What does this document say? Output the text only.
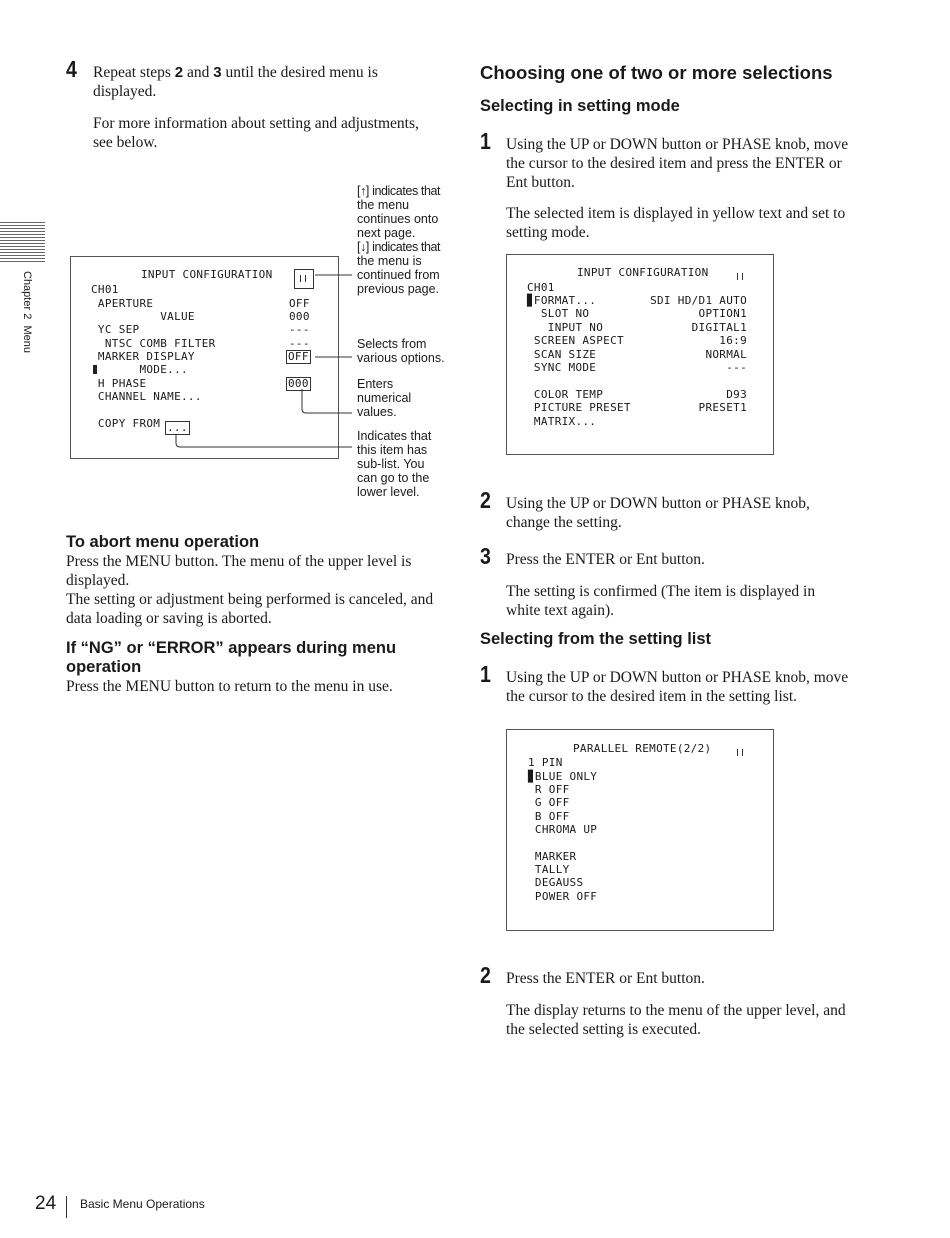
Chapter 2  Menu
4 Repeat steps 2 and 3 until the desired menu is
displayed.
For more information about setting and adjustments,
see below.
INPUT CONFIGURATION
CH01
APERTURE	OFF
VALUE	000
YC SEP	---
NTSC COMB FILTER	---
MARKER DISPLAY	OFF
MODE...
H PHASE	000
CHANNEL NAME...
COPY FROM ...
[↑] indicates that
the menu
continues onto
next page.
[↓] indicates that
the menu is
continued from
previous page.
Selects from
various options.
Enters
numerical
values.
Indicates that
this item has
sub-list. You
can go to the
lower level.
To abort menu operation
Press the MENU button. The menu of the upper level is
displayed.
The setting or adjustment being performed is canceled, and
data loading or saving is aborted.
If “NG” or “ERROR” appears during menu
operation
Press the MENU button to return to the menu in use.
Choosing one of two or more selections
Selecting in setting mode
1 Using the UP or DOWN button or PHASE knob, move
the cursor to the desired item and press the ENTER or
Ent button.
The selected item is displayed in yellow text and set to
setting mode.
INPUT CONFIGURATION
CH01
▊FORMAT...	SDI HD/D1 AUTO
SLOT NO	OPTION1
INPUT NO	DIGITAL1
SCREEN ASPECT	16:9
SCAN SIZE	NORMAL
SYNC MODE	---
COLOR TEMP	D93
PICTURE PRESET	PRESET1
MATRIX...
2 Using the UP or DOWN button or PHASE knob,
change the setting.
3 Press the ENTER or Ent button.
The setting is confirmed (The item is displayed in
white text again).
Selecting from the setting list
1 Using the UP or DOWN button or PHASE knob, move
the cursor to the desired item in the setting list.
PARALLEL REMOTE(2/2)
1 PIN
▊BLUE ONLY
R OFF
G OFF
B OFF
CHROMA UP
MARKER
TALLY
DEGAUSS
POWER OFF
2 Press the ENTER or Ent button.
The display returns to the menu of the upper level, and
the selected setting is executed.
24 Basic Menu Operations
